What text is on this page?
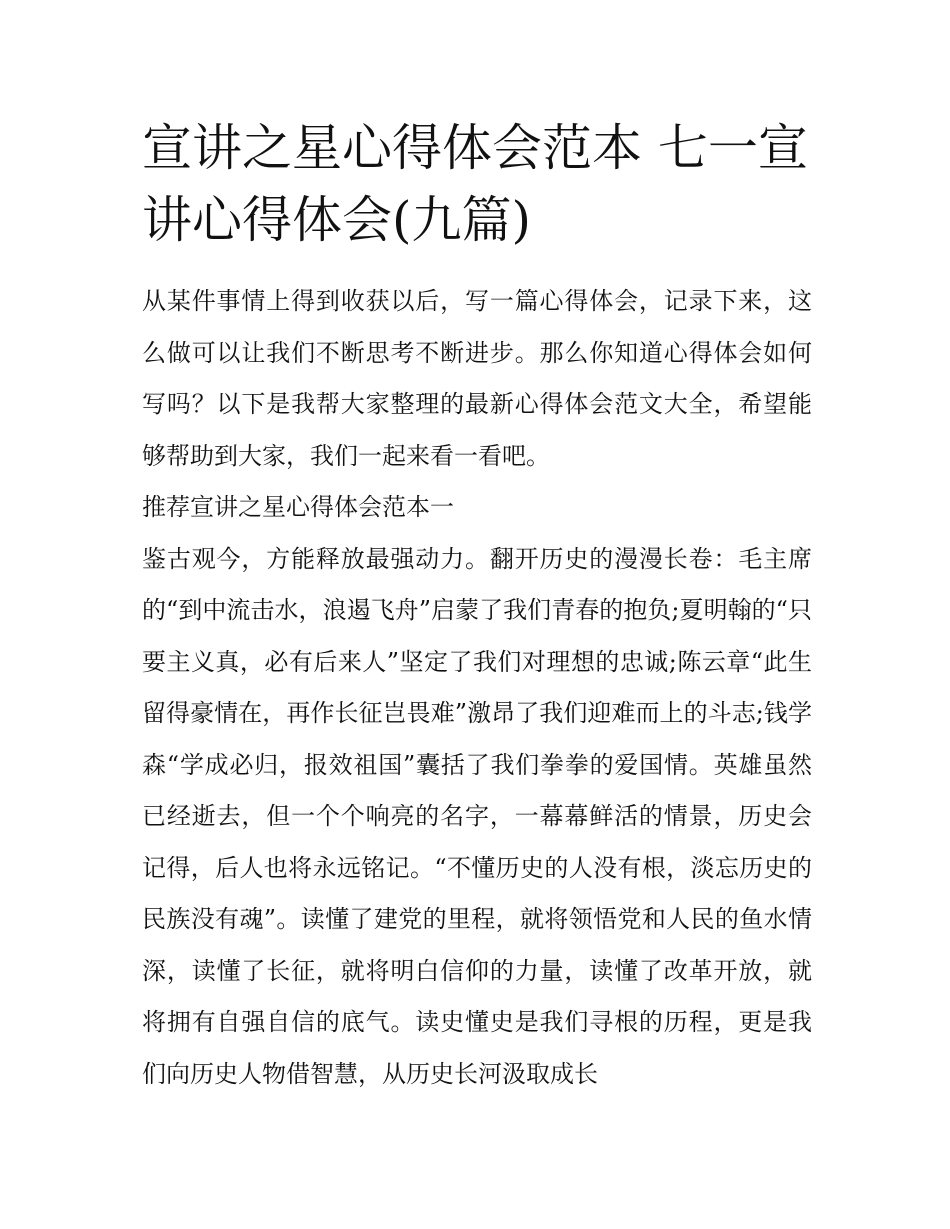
宣讲之星心得体会范本 七一宣讲心得体会(九篇)

从某件事情上得到收获以后，写一篇心得体会，记录下来，这么做可以让我们不断思考不断进步。那么你知道心得体会如何写吗？以下是我帮大家整理的最新心得体会范文大全，希望能够帮助到大家，我们一起来看一看吧。

推荐宣讲之星心得体会范本一

鉴古观今，方能释放最强动力。翻开历史的漫漫长卷：毛主席的“到中流击水，浪遏飞舟”启蒙了我们青春的抱负;夏明翰的“只要主义真，必有后来人”坚定了我们对理想的忠诚;陈云章“此生留得豪情在，再作长征岂畏难”激昂了我们迎难而上的斗志;钱学森“学成必归，报效祖国”囊括了我们拳拳的爱国情。英雄虽然已经逝去，但一个个响亮的名字，一幕幕鲜活的情景，历史会记得，后人也将永远铭记。“不懂历史的人没有根，淡忘历史的民族没有魂”。读懂了建党的里程，就将领悟党和人民的鱼水情深，读懂了长征，就将明白信仰的力量，读懂了改革开放，就将拥有自强自信的底气。读史懂史是我们寻根的历程，更是我们向历史人物借智慧，从历史长河汲取成长
